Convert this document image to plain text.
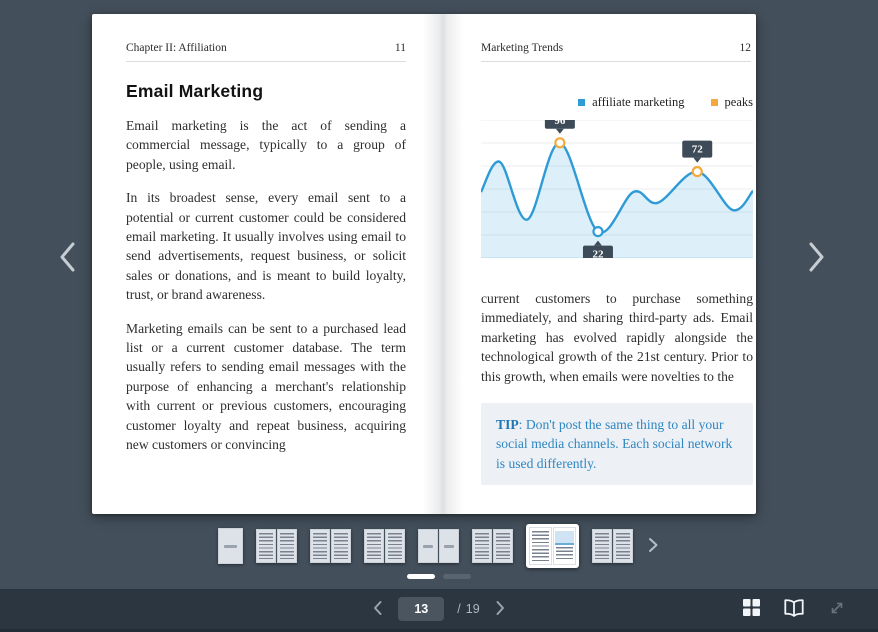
Chapter II: Affiliation	11
Email Marketing

Email marketing is the act of sending a commercial message, typically to a group of people, using email.

In its broadest sense, every email sent to a potential or current customer could be considered email marketing. It usually involves using email to send advertisements, request business, or solicit sales or donations, and is meant to build loyalty, trust, or brand awareness.

Marketing emails can be sent to a purchased lead list or a current customer database. The term usually refers to sending email messages with the purpose of enhancing a merchant's relationship with current or previous customers, encouraging customer loyalty and repeat business, acquiring new customers or convincing

Marketing Trends	12
affiliate marketing	peaks
96
22
72

current customers to purchase something immediately, and sharing third-party ads. Email marketing has evolved rapidly alongside the technological growth of the 21st century. Prior to this growth, when emails were novelties to the

TIP: Don't post the same thing to all your social media channels. Each social network is used differently.
13
/ 19
